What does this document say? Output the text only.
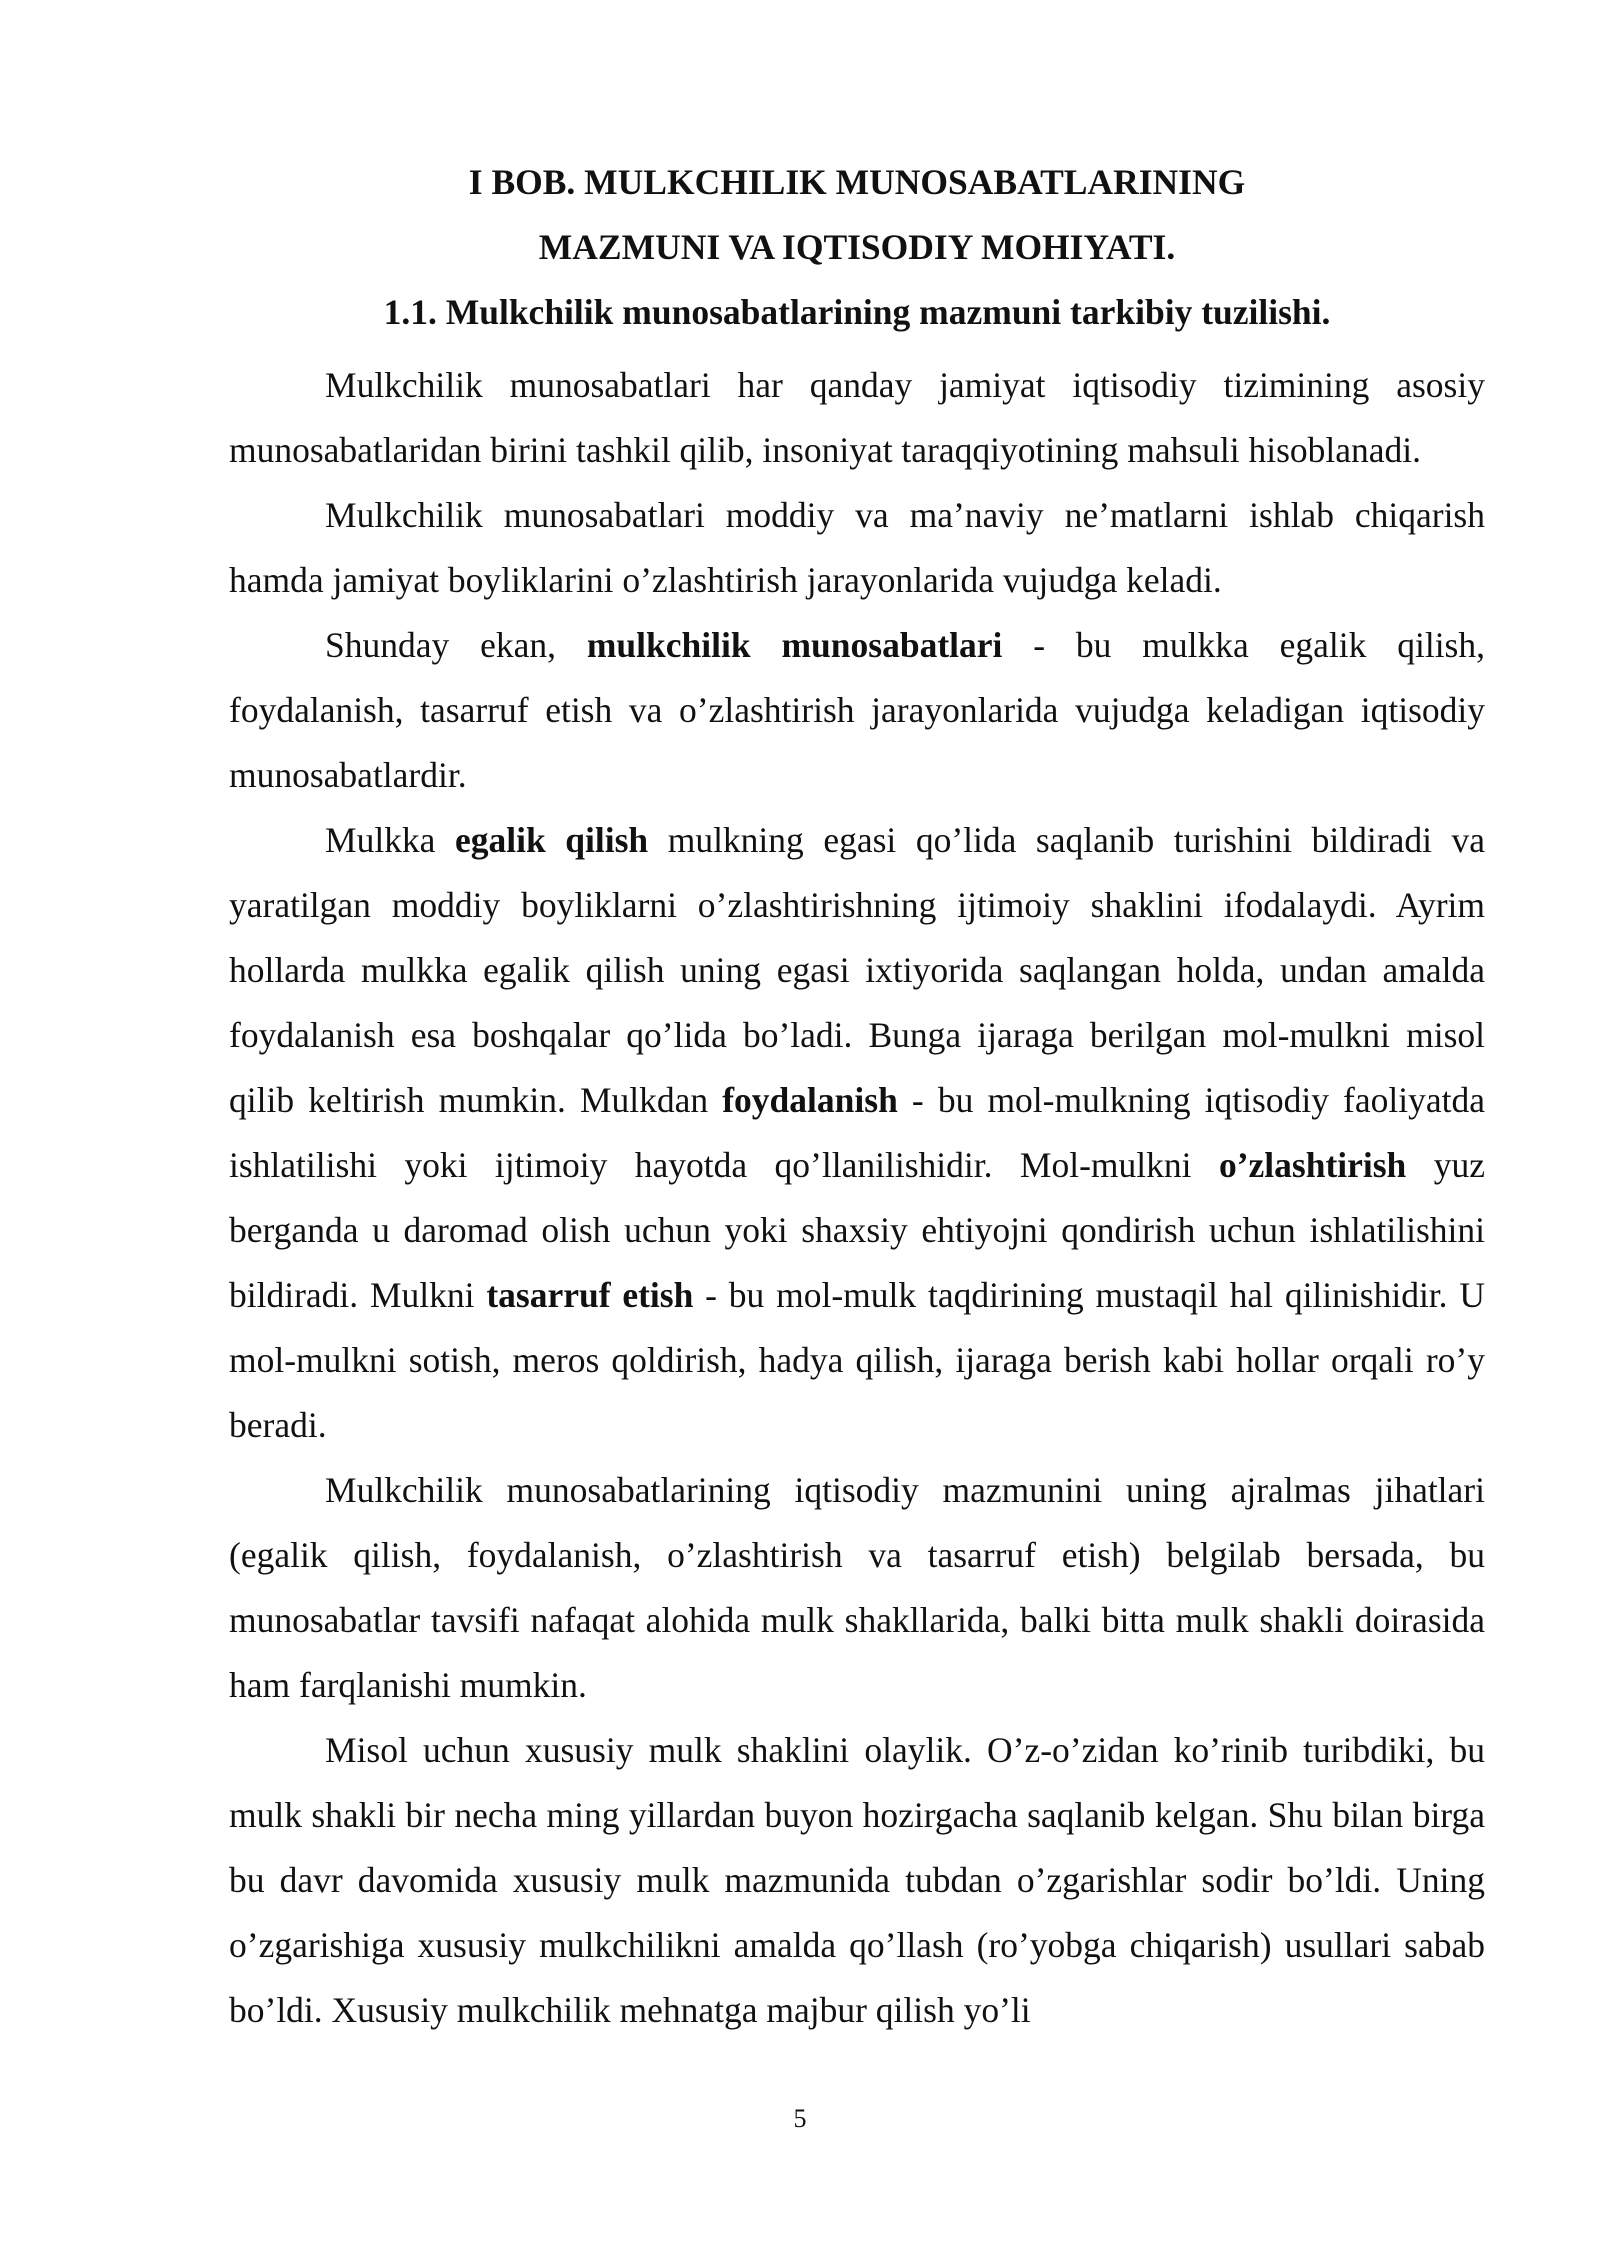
I BOB. MULKCHILIK MUNOSABATLARINING

MAZMUNI VA IQTISODIY MOHIYATI.

1.1. Mulkchilik munosabatlarining mazmuni tarkibiy tuzilishi.

Mulkchilik munosabatlari har qanday jamiyat iqtisodiy tizimining asosiy munosabatlaridan birini tashkil qilib, insoniyat taraqqiyotining mahsuli hisoblanadi.

Mulkchilik munosabatlari moddiy va ma’naviy ne’matlarni ishlab chiqarish hamda jamiyat boyliklarini o’zlashtirish jarayonlarida vujudga keladi.

Shunday ekan, mulkchilik munosabatlari - bu mulkka egalik qilish, foydalanish, tasarruf etish va o’zlashtirish jarayonlarida vujudga keladigan iqtisodiy munosabatlardir.

Mulkka egalik qilish mulkning egasi qo’lida saqlanib turishini bildiradi va yaratilgan moddiy boyliklarni o’zlashtirishning ijtimoiy shaklini ifodalaydi. Ayrim hollarda mulkka egalik qilish uning egasi ixtiyorida saqlangan holda, undan amalda foydalanish esa boshqalar qo’lida bo’ladi. Bunga ijaraga berilgan mol-mulkni misol qilib keltirish mumkin. Mulkdan foydalanish - bu mol-mulkning iqtisodiy faoliyatda ishlatilishi yoki ijtimoiy hayotda qo’llanilishidir. Mol-mulkni o’zlashtirish yuz berganda u daromad olish uchun yoki shaxsiy ehtiyojni qondirish uchun ishlatilishini bildiradi. Mulkni tasarruf etish - bu mol-mulk taqdirining mustaqil hal qilinishidir. U mol-mulkni sotish, meros qoldirish, hadya qilish, ijaraga berish kabi hollar orqali ro’y beradi.

Mulkchilik munosabatlarining iqtisodiy mazmunini uning ajralmas jihatlari (egalik qilish, foydalanish, o’zlashtirish va tasarruf etish) belgilab bersada, bu munosabatlar tavsifi nafaqat alohida mulk shakllarida, balki bitta mulk shakli doirasida ham farqlanishi mumkin.

Misol uchun xususiy mulk shaklini olaylik. O’z-o’zidan ko’rinib turibdiki, bu mulk shakli bir necha ming yillardan buyon hozirgacha saqlanib kelgan. Shu bilan birga bu davr davomida xususiy mulk mazmunida tubdan o’zgarishlar sodir bo’ldi. Uning o’zgarishiga xususiy mulkchilikni amalda qo’llash (ro’yobga chiqarish) usullari sabab bo’ldi. Xususiy mulkchilik mehnatga majbur qilish yo’li

5
